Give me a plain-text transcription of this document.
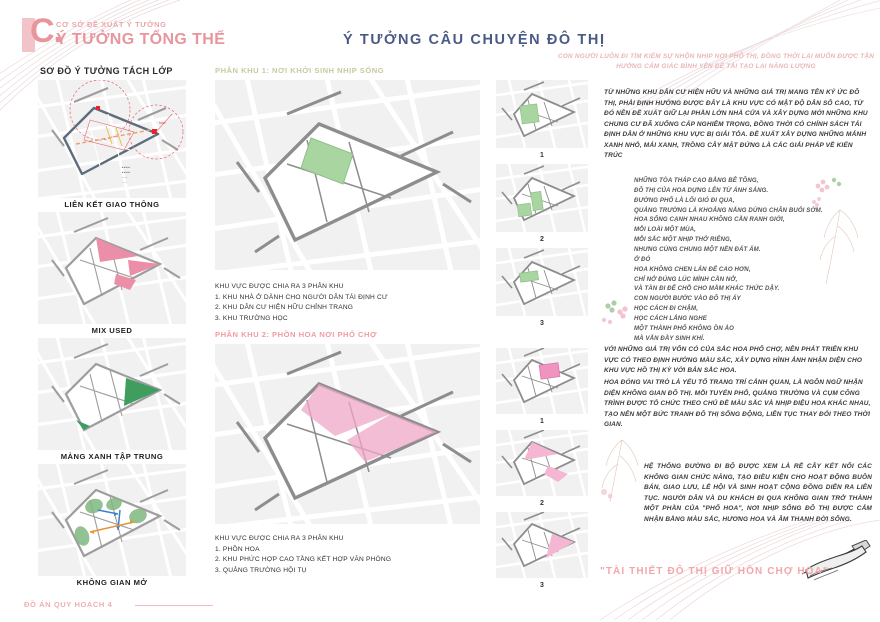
C.
CƠ SỞ ĐỀ XUẤT Ý TƯỞNG
Ý TƯỞNG TỔNG THỂ	Ý TƯỞNG CÂU CHUYỆN ĐÔ THỊ
CON NGƯỜI LUÔN ĐI TÌM KIẾM SỰ NHỘN NHỊP NƠI PHỐ THỊ, ĐỒNG THỜI LẠI MUỐN ĐƯỢC TẬN HƯỞNG CẢM GIÁC BÌNH YÊN ĐỂ TÁI TẠO LẠI NĂNG LƯỢNG
SƠ ĐỒ Ý TƯỞNG TÁCH LỚP
500M
■ ■ ■ ■
■ ■ ■ ■
▪ ▪ ▪ ▪
▫ ▫ ▫ ▫
LIÊN KẾT GIAO THÔNG
MIX USED
MẢNG XANH TẬP TRUNG
KHÔNG GIAN MỞ
PHÂN KHU 1: NƠI KHỞI SINH NHỊP SỐNG
1
2
3
KHU VỰC ĐƯỢC CHIA RA 3 PHÂN KHU
1. KHU NHÀ Ở DÀNH CHO NGƯỜI DÂN TÁI ĐỊNH CƯ
2. KHU DÂN CƯ HIỆN HỮU CHỈNH TRANG
3. KHU TRƯỜNG HỌC
PHÂN KHU 2: PHỒN HOA NƠI PHỐ CHỢ
1
2
3
KHU VỰC ĐƯỢC CHIA RA 3 PHÂN KHU
1. PHỒN HOA
2. KHU PHỨC HỢP CAO TẦNG KẾT HỢP VĂN PHÒNG
3. QUẢNG TRƯỜNG HỘI TỤ
TỪ NHỮNG KHU DÂN CƯ HIỆN HỮU VÀ NHỮNG GIÁ TRỊ MANG TÊN KÝ ỨC ĐÔ THỊ, PHẢI ĐỊNH HƯỚNG ĐƯỢC ĐÂY LÀ KHU VỰC CÓ MẬT ĐỘ DÂN SỐ CAO, TỪ ĐÓ NÊN ĐỀ XUẤT GIỮ LẠI PHẦN LỚN NHÀ CỬA VÀ XÂY DỰNG MỚI NHỮNG KHU CHUNG CƯ ĐÃ XUỐNG CẤP NGHIÊM TRỌNG, ĐỒNG THỜI CÓ CHÍNH SÁCH TÁI ĐỊNH DÂN Ở NHỮNG KHU VỰC BỊ GIẢI TỎA. ĐỀ XUẤT XÂY DỰNG NHỮNG MẢNH XANH NHỎ, MÁI XANH, TRỒNG CÂY MẶT ĐỨNG LÀ CÁC GIẢI PHÁP VỀ KIẾN TRÚC
NHỮNG TÒA THÁP CAO BẰNG BÊ TÔNG,
ĐÔ THỊ CỦA HOA DỰNG LÊN TỪ ÁNH SÁNG.
ĐƯỜNG PHỐ LÀ LỐI GIÓ ĐI QUA,
QUẢNG TRƯỜNG LÀ KHOẢNG NẮNG DỪNG CHÂN BUỔI SỚM.
HOA SỐNG CẠNH NHAU KHÔNG CẦN RANH GIỚI,
MỖI LOÀI MỘT MÙA,
MỖI SẮC MỘT NHỊP THỞ RIÊNG,
NHƯNG CÙNG CHUNG MỘT NỀN ĐẤT ẤM.
Ở ĐÓ
HOA KHÔNG CHEN LẤN ĐỂ CAO HƠN,
CHỈ NỞ ĐÚNG LÚC MÌNH CẦN NỞ,
VÀ TÀN ĐI ĐỂ CHỖ CHO MẦM KHÁC THỨC DẬY.
CON NGƯỜI BƯỚC VÀO ĐÔ THỊ ẤY
HỌC CÁCH ĐI CHẬM,
HỌC CÁCH LẮNG NGHE
MỘT THÀNH PHỐ KHÔNG ỒN ÀO
MÀ VẪN ĐẦY SINH KHÍ.
VỚI NHỮNG GIÁ TRỊ VỐN CÓ CỦA SẮC HOA PHỐ CHỢ, NÊN PHÁT TRIỂN KHU VỰC CÓ THEO ĐỊNH HƯỚNG MÀU SẮC, XÂY DỰNG HÌNH ẢNH NHẬN DIỆN CHO KHU VỰC HỒ THỊ KỲ VỚI BẢN SẮC HOA.
HOA ĐÓNG VAI TRÒ LÀ YẾU TỐ TRANG TRÍ CẢNH QUAN, LÀ NGÔN NGỮ NHẬN DIỆN KHÔNG GIAN ĐÔ THỊ. MỖI TUYẾN PHỐ, QUẢNG TRƯỜNG VÀ CỤM CÔNG TRÌNH ĐƯỢC TỔ CHỨC THEO CHỦ ĐỀ MÀU SẮC VÀ NHỊP ĐIỆU HOA KHÁC NHAU, TẠO NÊN MỘT BỨC TRANH ĐÔ THỊ SỐNG ĐỘNG, LIÊN TỤC THAY ĐỔI THEO THỜI GIAN.
HỆ THỐNG ĐƯỜNG ĐI BỘ ĐƯỢC XEM LÀ RỄ CÂY KẾT NỐI CÁC KHÔNG GIAN CHỨC NĂNG, TẠO ĐIỀU KIỆN CHO HOẠT ĐỘNG BUÔN BÁN, GIAO LƯU, LỄ HỘI VÀ SINH HOẠT CỘNG ĐỒNG DIỄN RA LIÊN TỤC. NGƯỜI DÂN VÀ DU KHÁCH ĐI QUA KHÔNG GIAN TRỞ THÀNH MỘT PHẦN CỦA "PHỐ HOA", NƠI NHỊP SỐNG ĐÔ THỊ ĐƯỢC CẢM NHẬN BẰNG MÀU SẮC, HƯƠNG HOA VÀ ÂM THANH ĐỜI SỐNG.
"TÀI THIẾT ĐÔ THỊ GIỮ HỒN CHỢ HOA"
ĐỒ ÁN QUY HOẠCH 4
